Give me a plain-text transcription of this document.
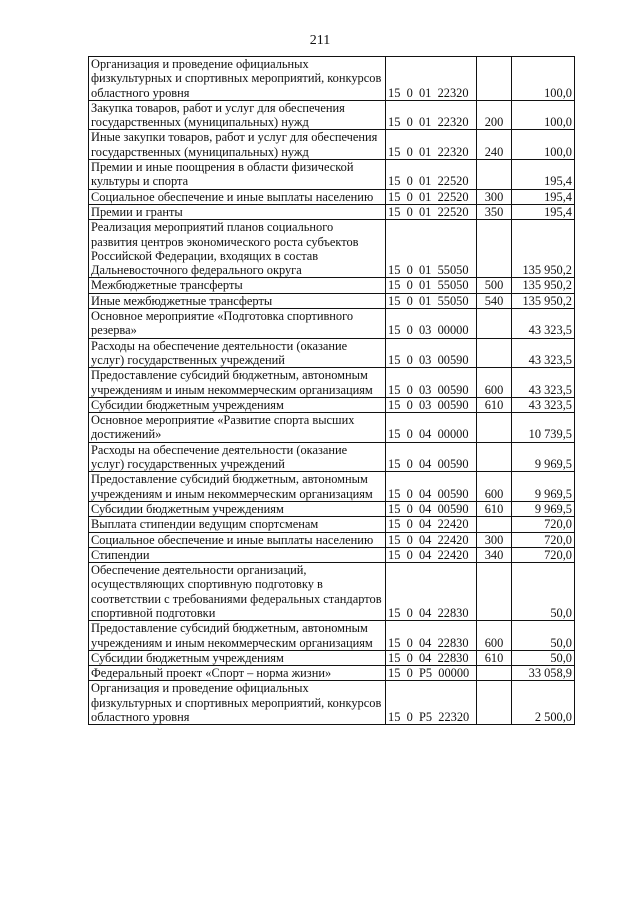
211
Организация и проведение официальных физкультурных и спортивных мероприятий, конкурсов областного уровня	15  0  01  22320		100,0
Закупка товаров, работ и услуг для обеспечения государственных (муниципальных) нужд	15  0  01  22320	200	100,0
Иные закупки товаров, работ и услуг для обеспечения государственных (муниципальных) нужд	15  0  01  22320	240	100,0
Премии и иные поощрения в области физической культуры и спорта	15  0  01  22520		195,4
Социальное обеспечение и иные выплаты населению	15  0  01  22520	300	195,4
Премии и гранты	15  0  01  22520	350	195,4
Реализация мероприятий планов социального развития центров экономического роста субъектов Российской Федерации, входящих в состав Дальневосточного федерального округа	15  0  01  55050		135 950,2
Межбюджетные трансферты	15  0  01  55050	500	135 950,2
Иные межбюджетные трансферты	15  0  01  55050	540	135 950,2
Основное мероприятие «Подготовка спортивного резерва»	15  0  03  00000		43 323,5
Расходы на обеспечение деятельности (оказание услуг) государственных учреждений	15  0  03  00590		43 323,5
Предоставление субсидий бюджетным, автономным учреждениям и иным некоммерческим организациям	15  0  03  00590	600	43 323,5
Субсидии бюджетным учреждениям	15  0  03  00590	610	43 323,5
Основное мероприятие «Развитие спорта высших достижений»	15  0  04  00000		10 739,5
Расходы на обеспечение деятельности (оказание услуг) государственных учреждений	15  0  04  00590		9 969,5
Предоставление субсидий бюджетным, автономным учреждениям и иным некоммерческим организациям	15  0  04  00590	600	9 969,5
Субсидии бюджетным учреждениям	15  0  04  00590	610	9 969,5
Выплата стипендии ведущим спортсменам	15  0  04  22420		720,0
Социальное обеспечение и иные выплаты населению	15  0  04  22420	300	720,0
Стипендии	15  0  04  22420	340	720,0
Обеспечение деятельности организаций, осуществляющих спортивную подготовку в соответствии с требованиями федеральных стандартов спортивной подготовки	15  0  04  22830		50,0
Предоставление субсидий бюджетным, автономным учреждениям и иным некоммерческим организациям	15  0  04  22830	600	50,0
Субсидии бюджетным учреждениям	15  0  04  22830	610	50,0
Федеральный проект «Спорт – норма жизни»	15  0  P5  00000		33 058,9
Организация и проведение официальных физкультурных и спортивных мероприятий, конкурсов областного уровня	15  0  P5  22320		2 500,0
